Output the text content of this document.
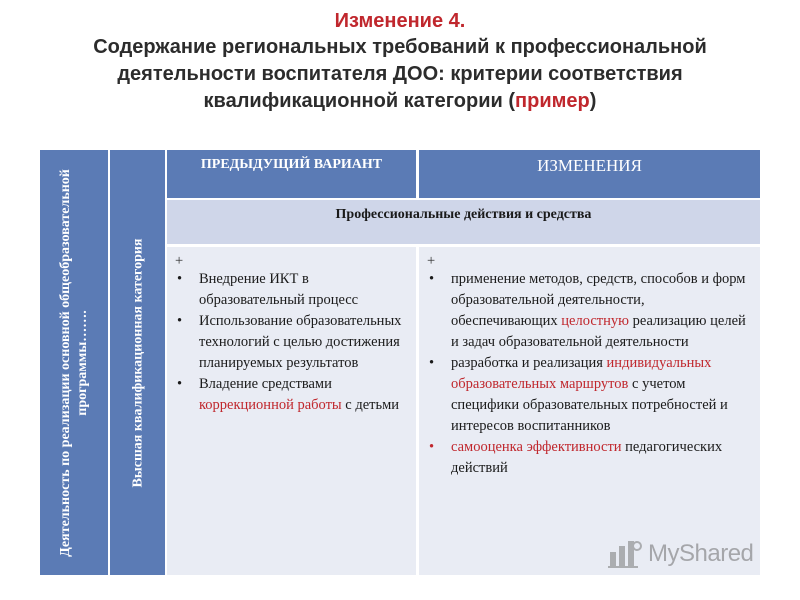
Изменение 4.
Содержание региональных требований к профессиональной
деятельности воспитателя ДОО: критерии соответствия
квалификационной категории (пример)
Деятельность по реализации основной общеобразовательной программы…….	Высшая квалификационная категория
ПРЕДЫДУЩИЙ ВАРИАНТ	ИЗМЕНЕНИЯ
Профессиональные действия и средства
+
•	Внедрение ИКТ в образовательный процесс
•	Использование образовательных технологий с целью достижения планируемых результатов
•	Владение средствами коррекционной работы с детьми
+
•	применение методов, средств, способов и форм образовательной деятельности, обеспечивающих целостную реализацию целей и задач образовательной деятельности
•	разработка и реализация индивидуальных образовательных маршрутов с учетом специфики образовательных потребностей и интересов воспитанников
•	самооценка эффективности педагогических действий
MyShared
